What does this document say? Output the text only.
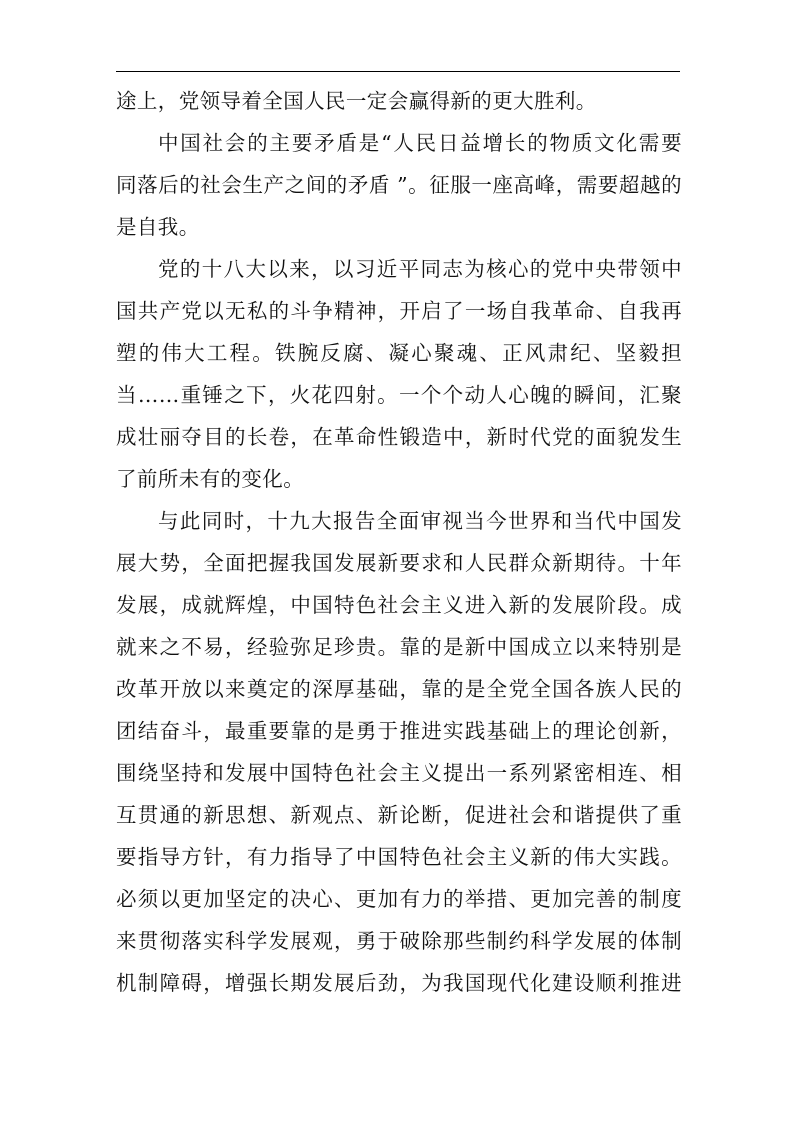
途上，党领导着全国人民一定会赢得新的更大胜利。
中国社会的主要矛盾是“人民日益增长的物质文化需要
同落后的社会生产之间的矛盾 ”。征服一座高峰，需要超越的
是自我。
党的十八大以来，以习近平同志为核心的党中央带领中
国共产党以无私的斗争精神，开启了一场自我革命、自我再
塑的伟大工程。铁腕反腐、凝心聚魂、正风肃纪、坚毅担
当……重锤之下，火花四射。一个个动人心魄的瞬间，汇聚
成壮丽夺目的长卷，在革命性锻造中，新时代党的面貌发生
了前所未有的变化。
与此同时，十九大报告全面审视当今世界和当代中国发
展大势，全面把握我国发展新要求和人民群众新期待。十年
发展，成就辉煌，中国特色社会主义进入新的发展阶段。成
就来之不易，经验弥足珍贵。靠的是新中国成立以来特别是
改革开放以来奠定的深厚基础，靠的是全党全国各族人民的
团结奋斗，最重要靠的是勇于推进实践基础上的理论创新，
围绕坚持和发展中国特色社会主义提出一系列紧密相连、相
互贯通的新思想、新观点、新论断，促进社会和谐提供了重
要指导方针，有力指导了中国特色社会主义新的伟大实践。
必须以更加坚定的决心、更加有力的举措、更加完善的制度
来贯彻落实科学发展观，勇于破除那些制约科学发展的体制
机制障碍，增强长期发展后劲，为我国现代化建设顺利推进
